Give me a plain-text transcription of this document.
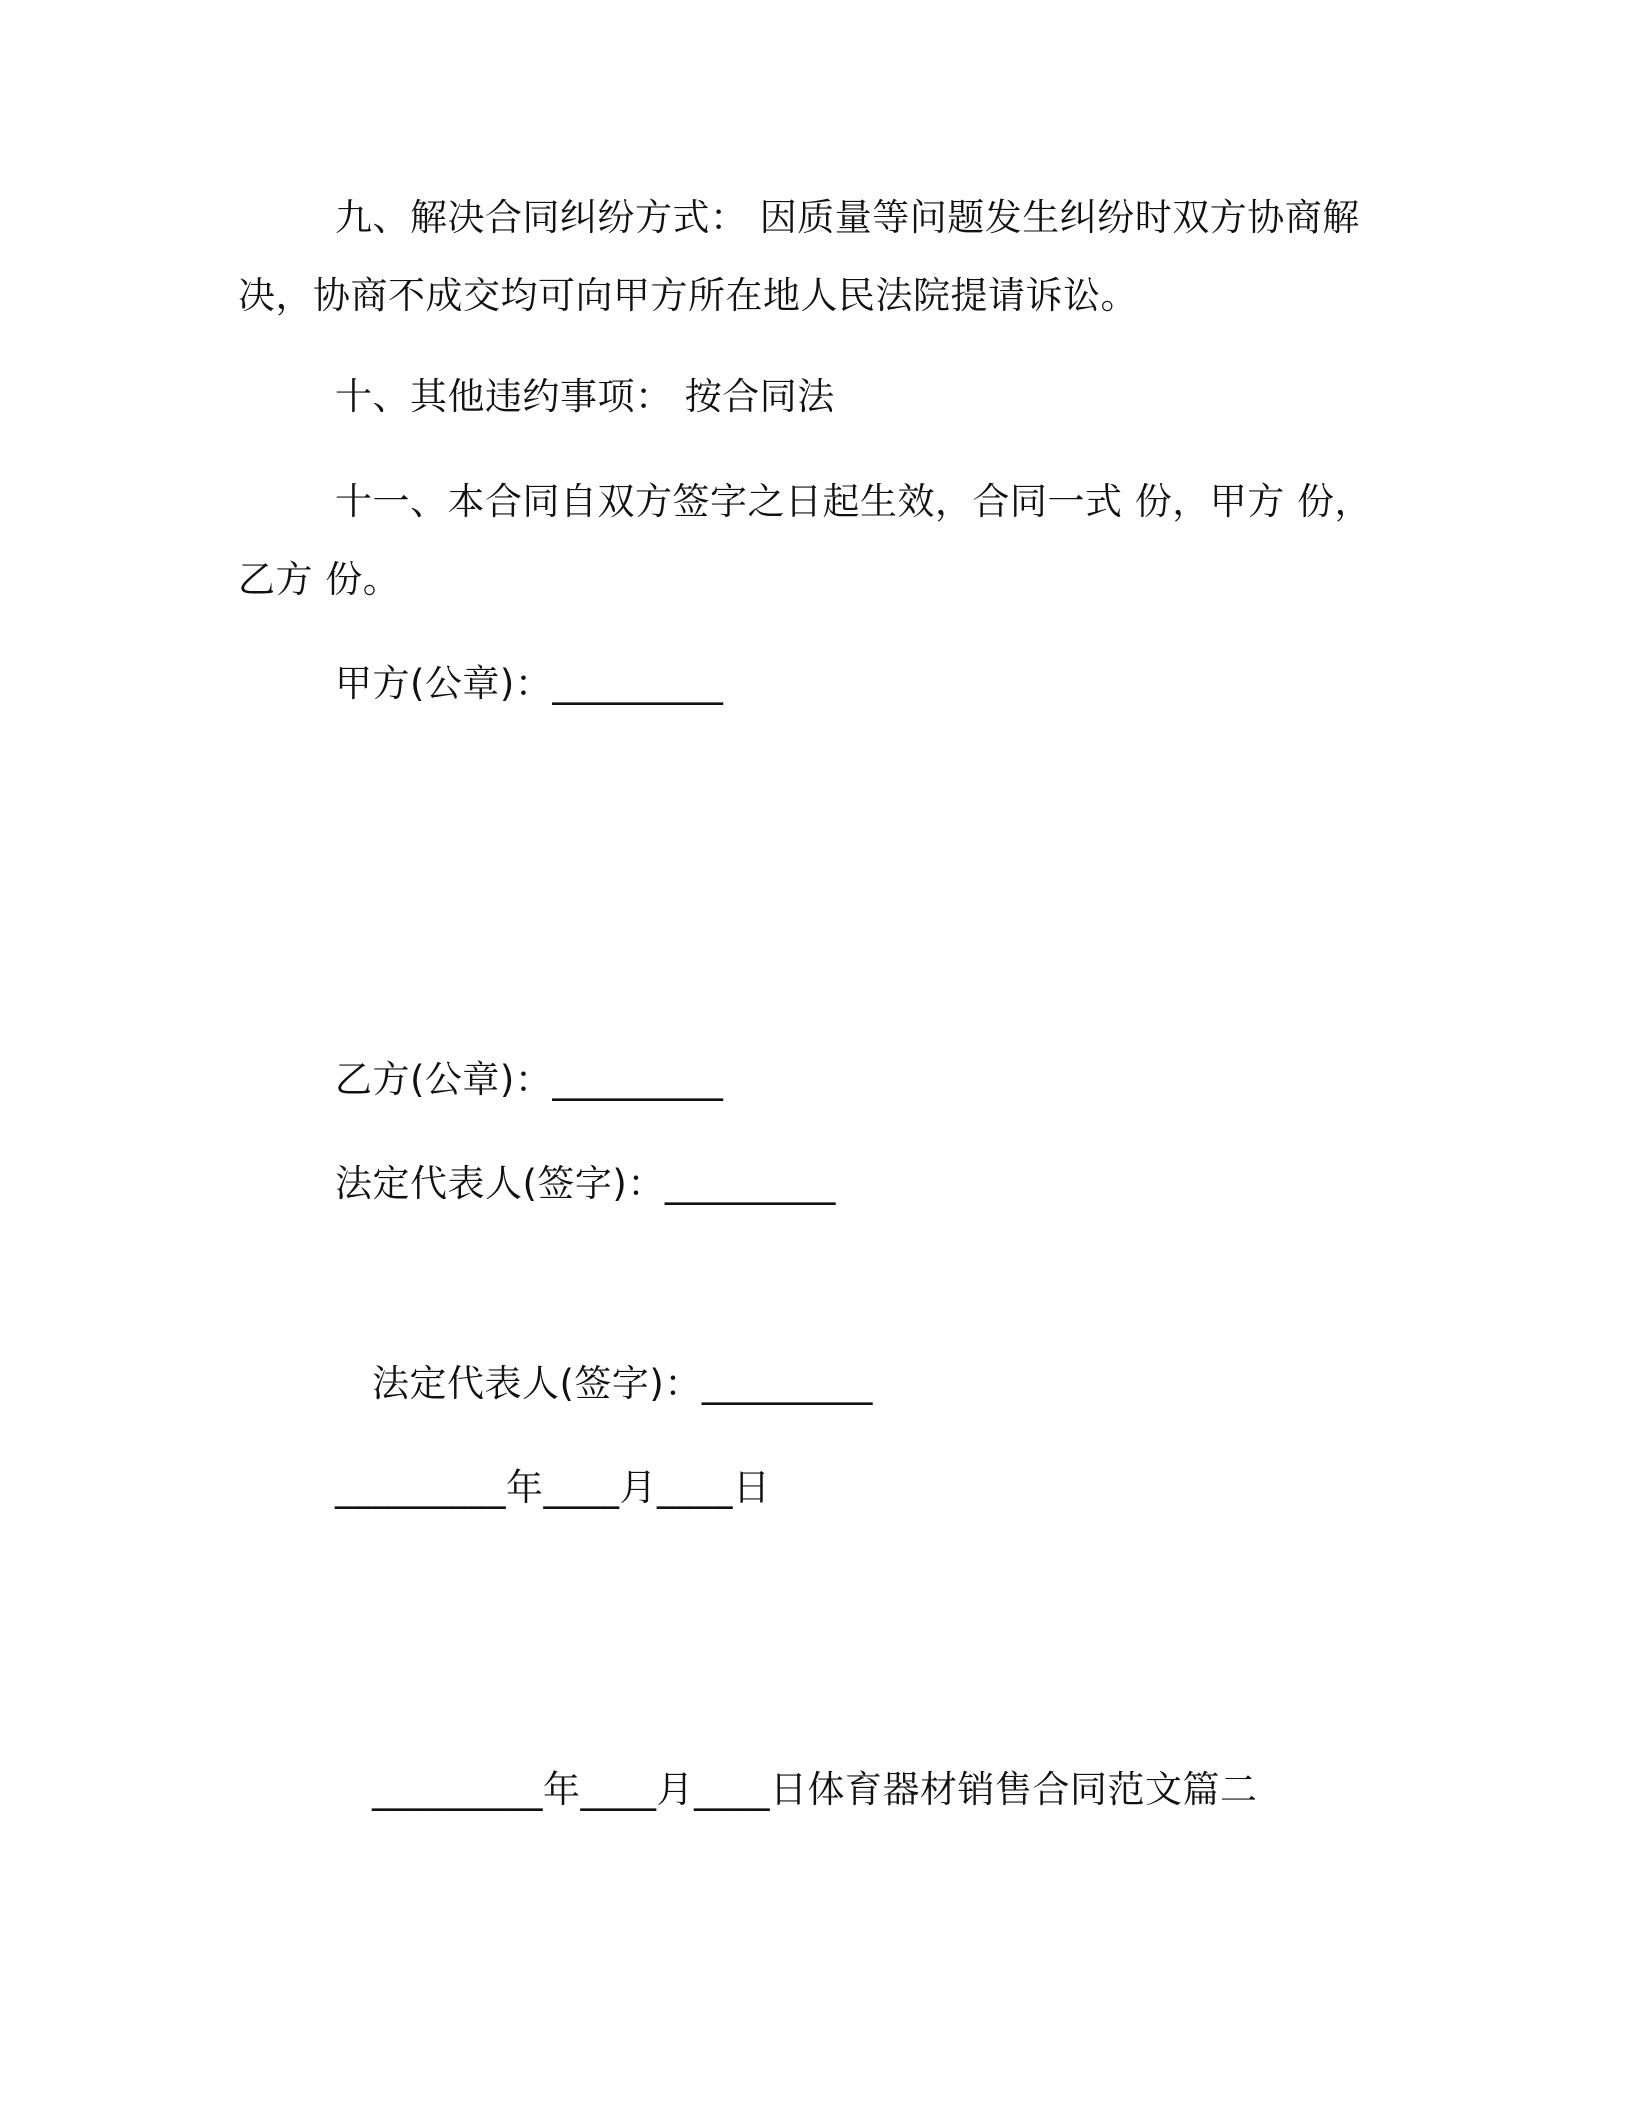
九、解决合同纠纷方式： 因质量等问题发生纠纷时双方协商解
决，协商不成交均可向甲方所在地人民法院提请诉讼。
十、其他违约事项： 按合同法
十一、本合同自双方签字之日起生效，合同一式 份，甲方 份，
乙方 份。
甲方(公章)：_________
乙方(公章)：_________
法定代表人(签字)：_________
法定代表人(签字)：_________
_________年____月____日
_________年____月____日体育器材销售合同范文篇二
